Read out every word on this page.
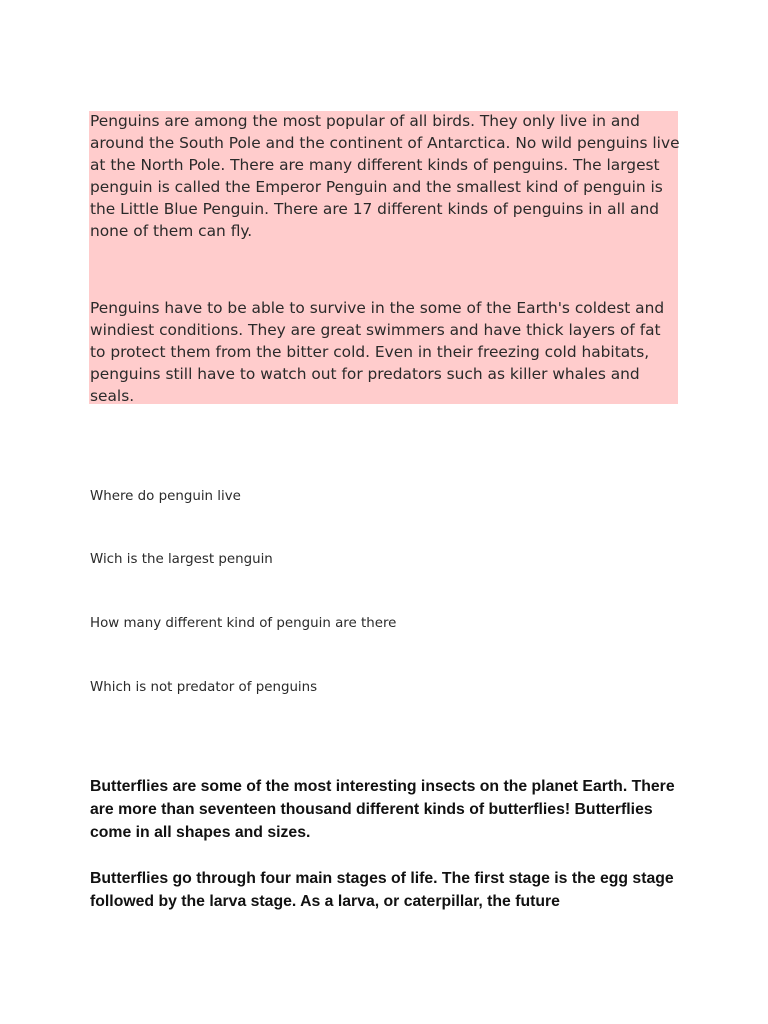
Penguins are among the most popular of all birds. They only live in and around the South Pole and the continent of Antarctica. No wild penguins live at the North Pole. There are many different kinds of penguins. The largest penguin is called the Emperor Penguin and the smallest kind of penguin is the Little Blue Penguin. There are 17 different kinds of penguins in all and none of them can fly.

Penguins have to be able to survive in the some of the Earth's coldest and windiest conditions. They are great swimmers and have thick layers of fat to protect them from the bitter cold. Even in their freezing cold habitats, penguins still have to watch out for predators such as killer whales and seals.

Where do penguin live

Wich is the largest penguin

How many different kind of penguin are there

Which is not predator of penguins

Butterflies are some of the most interesting insects on the planet Earth. There are more than seventeen thousand different kinds of butterflies! Butterflies come in all shapes and sizes.

Butterflies go through four main stages of life. The first stage is the egg stage followed by the larva stage. As a larva, or caterpillar, the future
